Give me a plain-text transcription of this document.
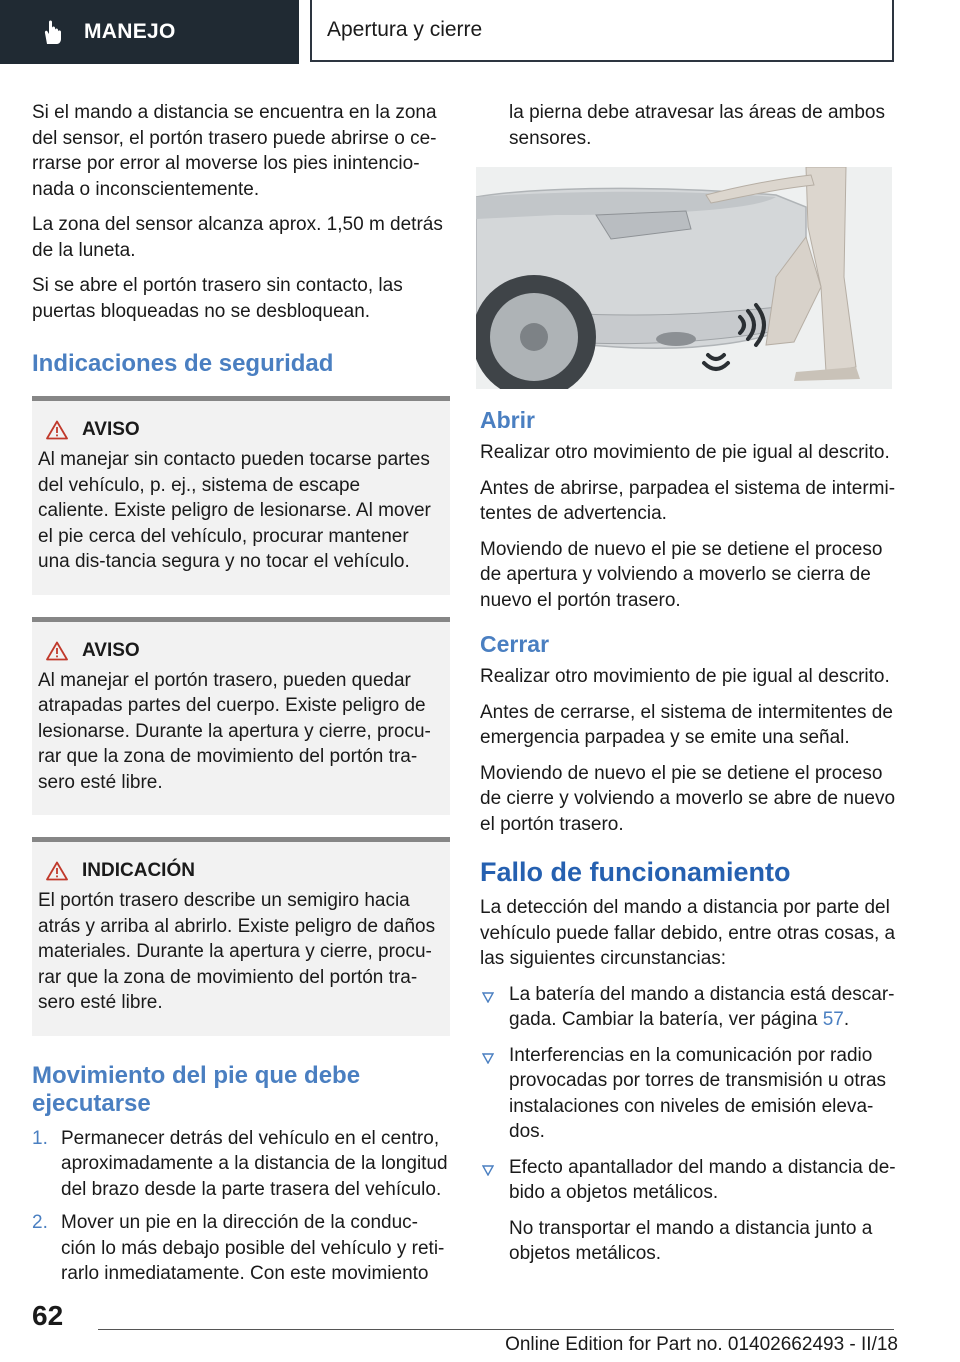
MANEJO	Apertura y cierre

Si el mando a distancia se encuentra en la zona del sensor, el portón trasero puede abrirse o ce‐rrarse por error al moverse los pies inintencio‐nada o inconscientemente.

La zona del sensor alcanza aprox. 1,50 m detrás de la luneta.

Si se abre el portón trasero sin contacto, las puertas bloqueadas no se desbloquean.

Indicaciones de seguridad
AVISO

Al manejar sin contacto pueden tocarse partes del vehículo, p. ej., sistema de escape caliente. Existe peligro de lesionarse. Al mover el pie cerca del vehículo, procurar mantener una dis‐tancia segura y no tocar el vehículo.

AVISO

Al manejar el portón trasero, pueden quedar atrapadas partes del cuerpo. Existe peligro de lesionarse. Durante la apertura y cierre, procu‐rar que la zona de movimiento del portón tra‐sero esté libre.

INDICACIÓN

El portón trasero describe un semigiro hacia atrás y arriba al abrirlo. Existe peligro de daños materiales. Durante la apertura y cierre, procu‐rar que la zona de movimiento del portón tra‐sero esté libre.

Movimiento del pie que debe ejecutarse
1. Permanecer detrás del vehículo en el centro, aproximadamente a la distancia de la longitud del brazo desde la parte trasera del vehículo.
2. Mover un pie en la dirección de la conduc‐ción lo más debajo posible del vehículo y reti‐rarlo inmediatamente. Con este movimiento

la pierna debe atravesar las áreas de ambos sensores.

Abrir

Realizar otro movimiento de pie igual al descrito.

Antes de abrirse, parpadea el sistema de intermi‐tentes de advertencia.

Moviendo de nuevo el pie se detiene el proceso de apertura y volviendo a moverlo se cierra de nuevo el portón trasero.

Cerrar

Realizar otro movimiento de pie igual al descrito.

Antes de cerrarse, el sistema de intermitentes de emergencia parpadea y se emite una señal.

Moviendo de nuevo el pie se detiene el proceso de cierre y volviendo a moverlo se abre de nuevo el portón trasero.

Fallo de funcionamiento

La detección del mando a distancia por parte del vehículo puede fallar debido, entre otras cosas, a las siguientes circunstancias:

La batería del mando a distancia está descar‐gada. Cambiar la batería, ver página 57.
Interferencias en la comunicación por radio provocadas por torres de transmisión u otras instalaciones con niveles de emisión eleva‐dos.
Efecto apantallador del mando a distancia de‐bido a objetos metálicos.
No transportar el mando a distancia junto a objetos metálicos.
62
Online Edition for Part no. 01402662493 - II/18
